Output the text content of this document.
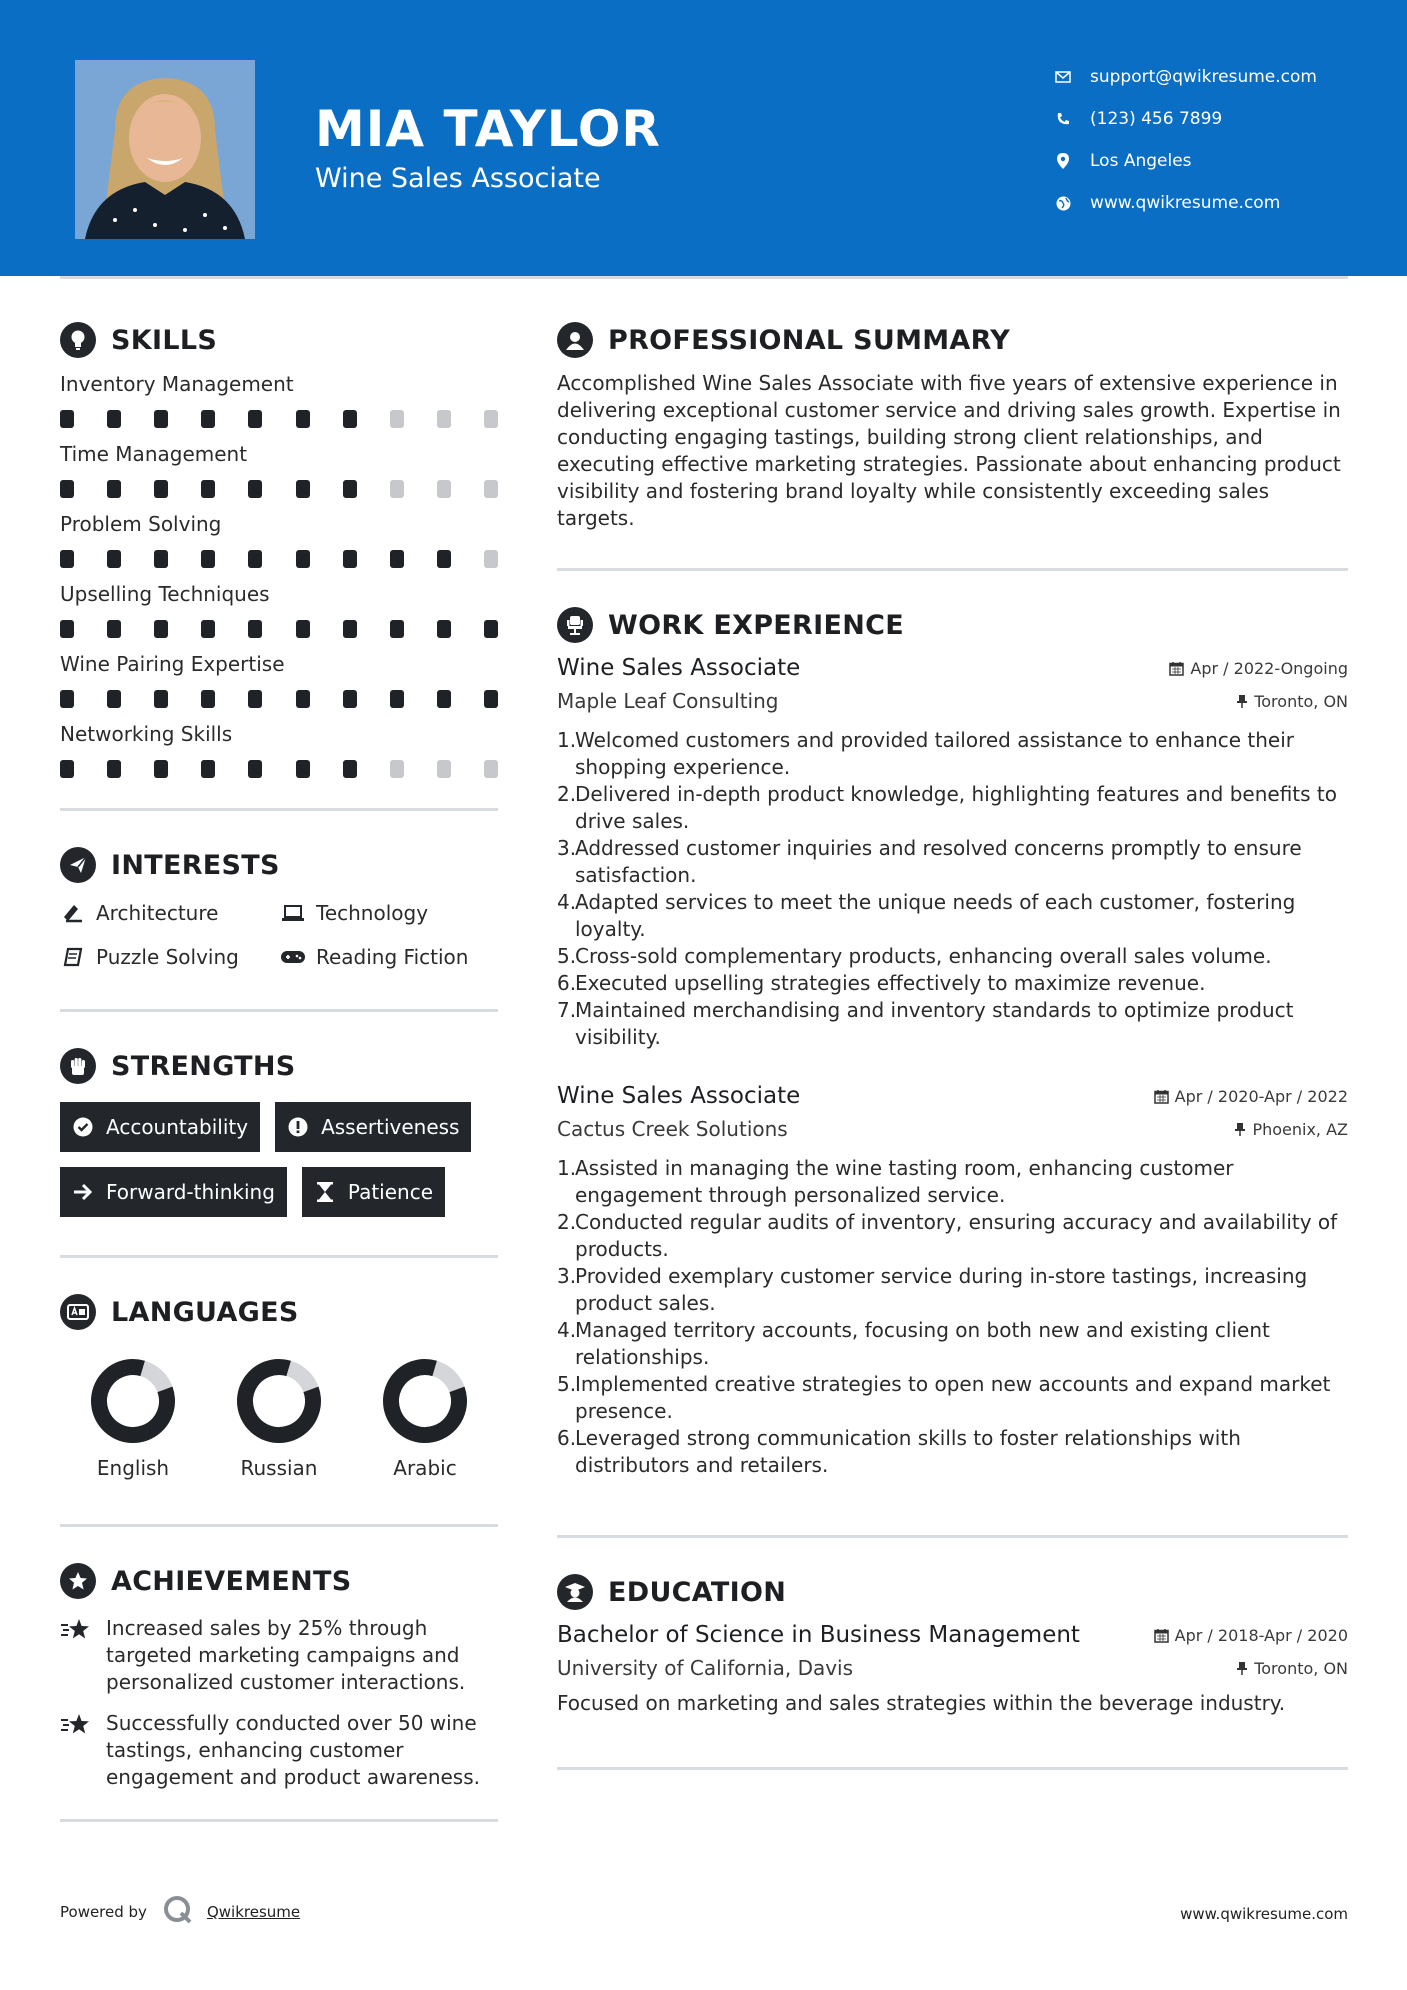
MIA TAYLOR
Wine Sales Associate
support@qwikresume.com
(123) 456 7899
Los Angeles
www.qwikresume.com
SKILLS
Inventory Management
Time Management
Problem Solving
Upselling Techniques
Wine Pairing Expertise
Networking Skills
INTERESTS
Architecture	Technology
Puzzle Solving	Reading Fiction
STRENGTHS
Accountability	Assertiveness
Forward-thinking	Patience
LANGUAGES
English	Russian	Arabic
ACHIEVEMENTS
Increased sales by 25% through targeted marketing campaigns and personalized customer interactions.
Successfully conducted over 50 wine tastings, enhancing customer engagement and product awareness.
PROFESSIONAL SUMMARY
Accomplished Wine Sales Associate with five years of extensive experience in delivering exceptional customer service and driving sales growth. Expertise in conducting engaging tastings, building strong client relationships, and executing effective marketing strategies. Passionate about enhancing product visibility and fostering brand loyalty while consistently exceeding sales targets.
WORK EXPERIENCE
Wine Sales Associate	Apr / 2022-Ongoing
Maple Leaf Consulting	Toronto, ON
1.
Welcomed customers and provided tailored assistance to enhance their shopping experience.
2.
Delivered in-depth product knowledge, highlighting features and benefits to drive sales.
3.
Addressed customer inquiries and resolved concerns promptly to ensure satisfaction.
4.
Adapted services to meet the unique needs of each customer, fostering loyalty.
5.
Cross-sold complementary products, enhancing overall sales volume.
6.
Executed upselling strategies effectively to maximize revenue.
7.
Maintained merchandising and inventory standards to optimize product visibility.
Wine Sales Associate	Apr / 2020-Apr / 2022
Cactus Creek Solutions	Phoenix, AZ
1.
Assisted in managing the wine tasting room, enhancing customer engagement through personalized service.
2.
Conducted regular audits of inventory, ensuring accuracy and availability of products.
3.
Provided exemplary customer service during in-store tastings, increasing product sales.
4.
Managed territory accounts, focusing on both new and existing client relationships.
5.
Implemented creative strategies to open new accounts and expand market presence.
6.
Leveraged strong communication skills to foster relationships with distributors and retailers.
EDUCATION
Bachelor of Science in Business Management	Apr / 2018-Apr / 2020
University of California, Davis	Toronto, ON
Focused on marketing and sales strategies within the beverage industry.
Powered by	Qwikresume	www.qwikresume.com
